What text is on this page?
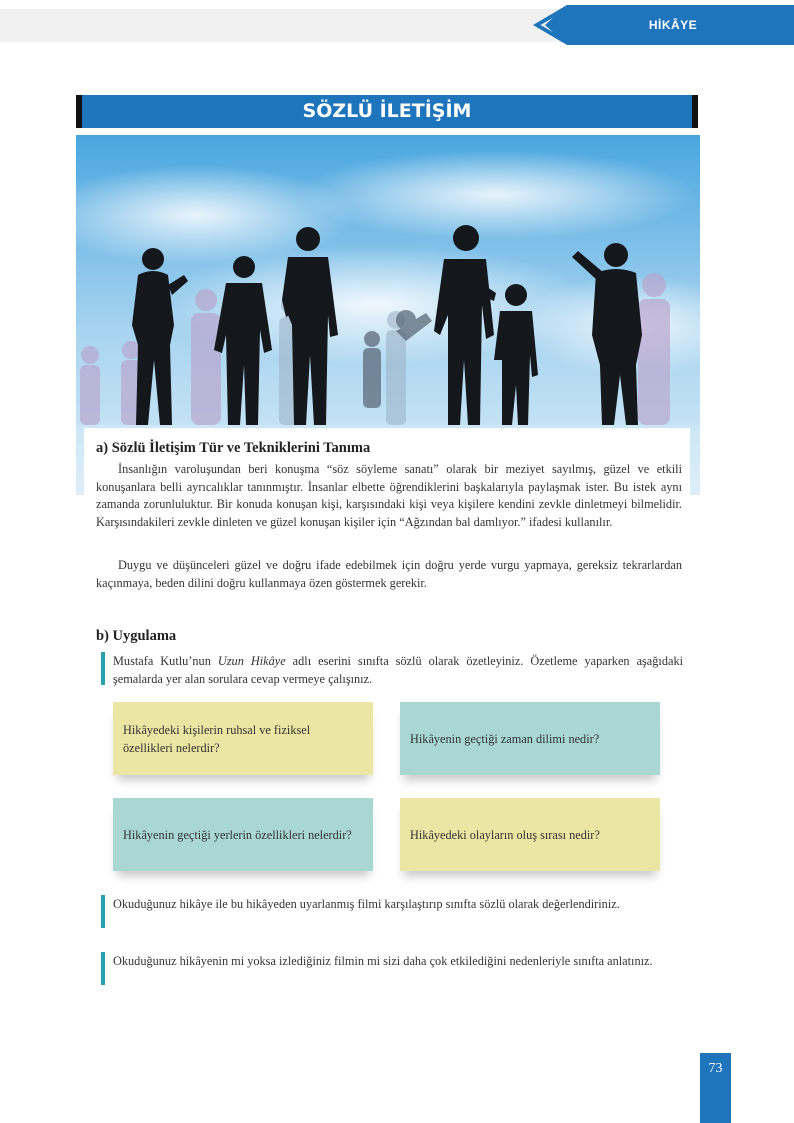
HİKÂYE
SÖZLÜ İLETİŞİM
a) Sözlü İletişim Tür ve Tekniklerini Tanıma
İnsanlığın varoluşundan beri konuşma “söz söyleme sanatı” olarak bir meziyet sayılmış, güzel ve etkili konuşanlara belli ayrıcalıklar tanınmıştır. İnsanlar elbette öğrendiklerini başkalarıyla paylaşmak ister. Bu istek aynı zamanda zorunluluktur. Bir konuda konuşan kişi, karşısındaki kişi veya kişilere kendini zevkle dinletmeyi bilmelidir. Karşısındakileri zevkle dinleten ve güzel konuşan kişiler için “Ağzından bal damlıyor.” ifadesi kullanılır.
Duygu ve düşünceleri güzel ve doğru ifade edebilmek için doğru yerde vurgu yapmaya, gereksiz tekrarlardan kaçınmaya, beden dilini doğru kullanmaya özen göstermek gerekir.
b) Uygulama
Mustafa Kutlu’nun Uzun Hikâye adlı eserini sınıfta sözlü olarak özetleyiniz. Özetleme yaparken aşağıdaki şemalarda yer alan sorulara cevap vermeye çalışınız.
Hikâyedeki kişilerin ruhsal ve fiziksel özellikleri nelerdir?
Hikâyenin geçtiği zaman dilimi nedir?
Hikâyenin geçtiği yerlerin özellikleri nelerdir?	Hikâyedeki olayların oluş sırası nedir?
Okuduğunuz hikâye ile bu hikâyeden uyarlanmış filmi karşılaştırıp sınıfta sözlü olarak değerlendiriniz.
Okuduğunuz hikâyenin mi yoksa izlediğiniz filmin mi sizi daha çok etkilediğini nedenleriyle sınıfta anlatınız.
73
